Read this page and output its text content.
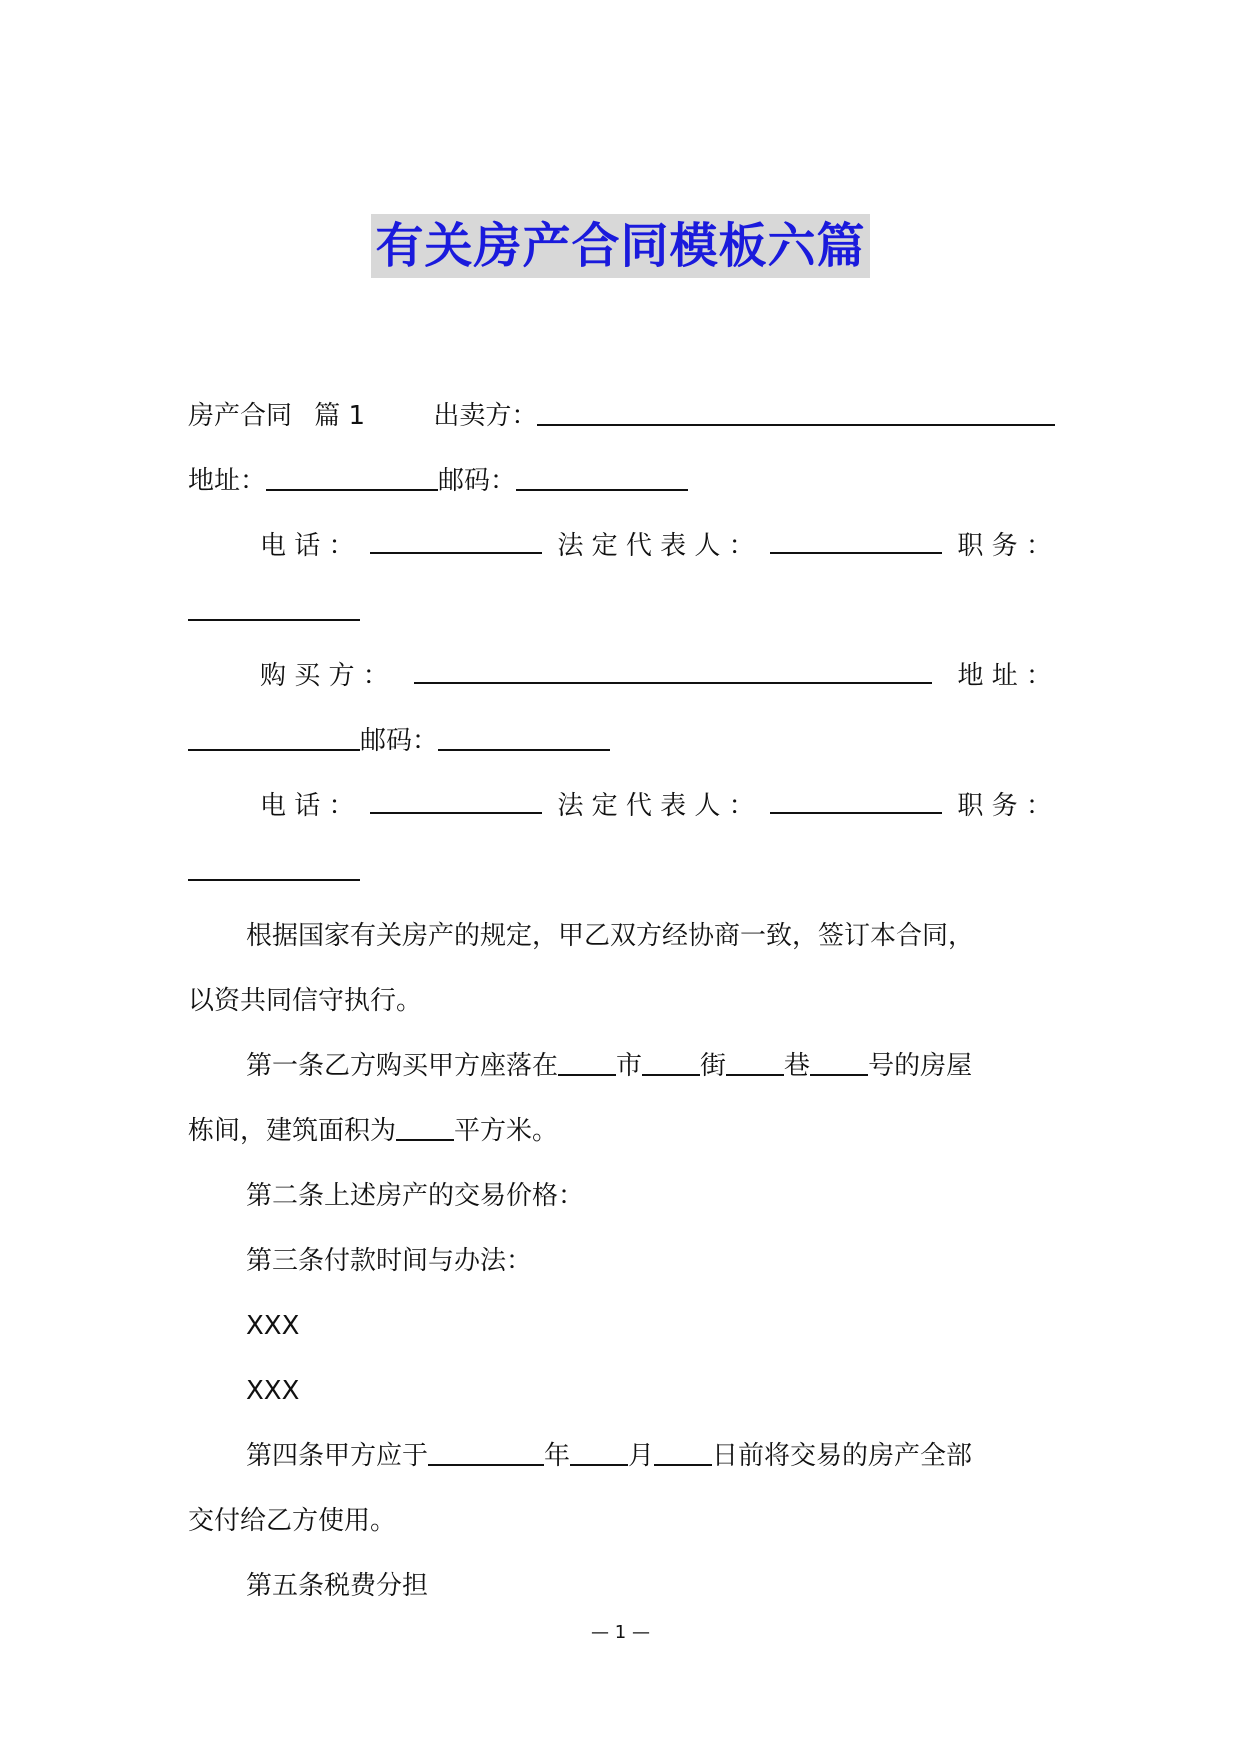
有关房产合同模板六篇
房产合同 篇 1	出卖方：
地址：	邮码：
电 话 ：	法 定 代 表 人 ：	职 务 ：
购 买 方 ：	地 址 ：
邮码：
电 话 ：	法 定 代 表 人 ：	职 务 ：
根据国家有关房产的规定，甲乙双方经协商一致，签订本合同，
以资共同信守执行。
第一条乙方购买甲方座落在 市 街 巷 号的房屋
栋间，建筑面积为 平方米。
第二条上述房产的交易价格：
第三条付款时间与办法：
XXX
XXX
第四条甲方应于	年 月 日前将交易的房产全部
交付给乙方使用。
第五条税费分担
— 1 —
